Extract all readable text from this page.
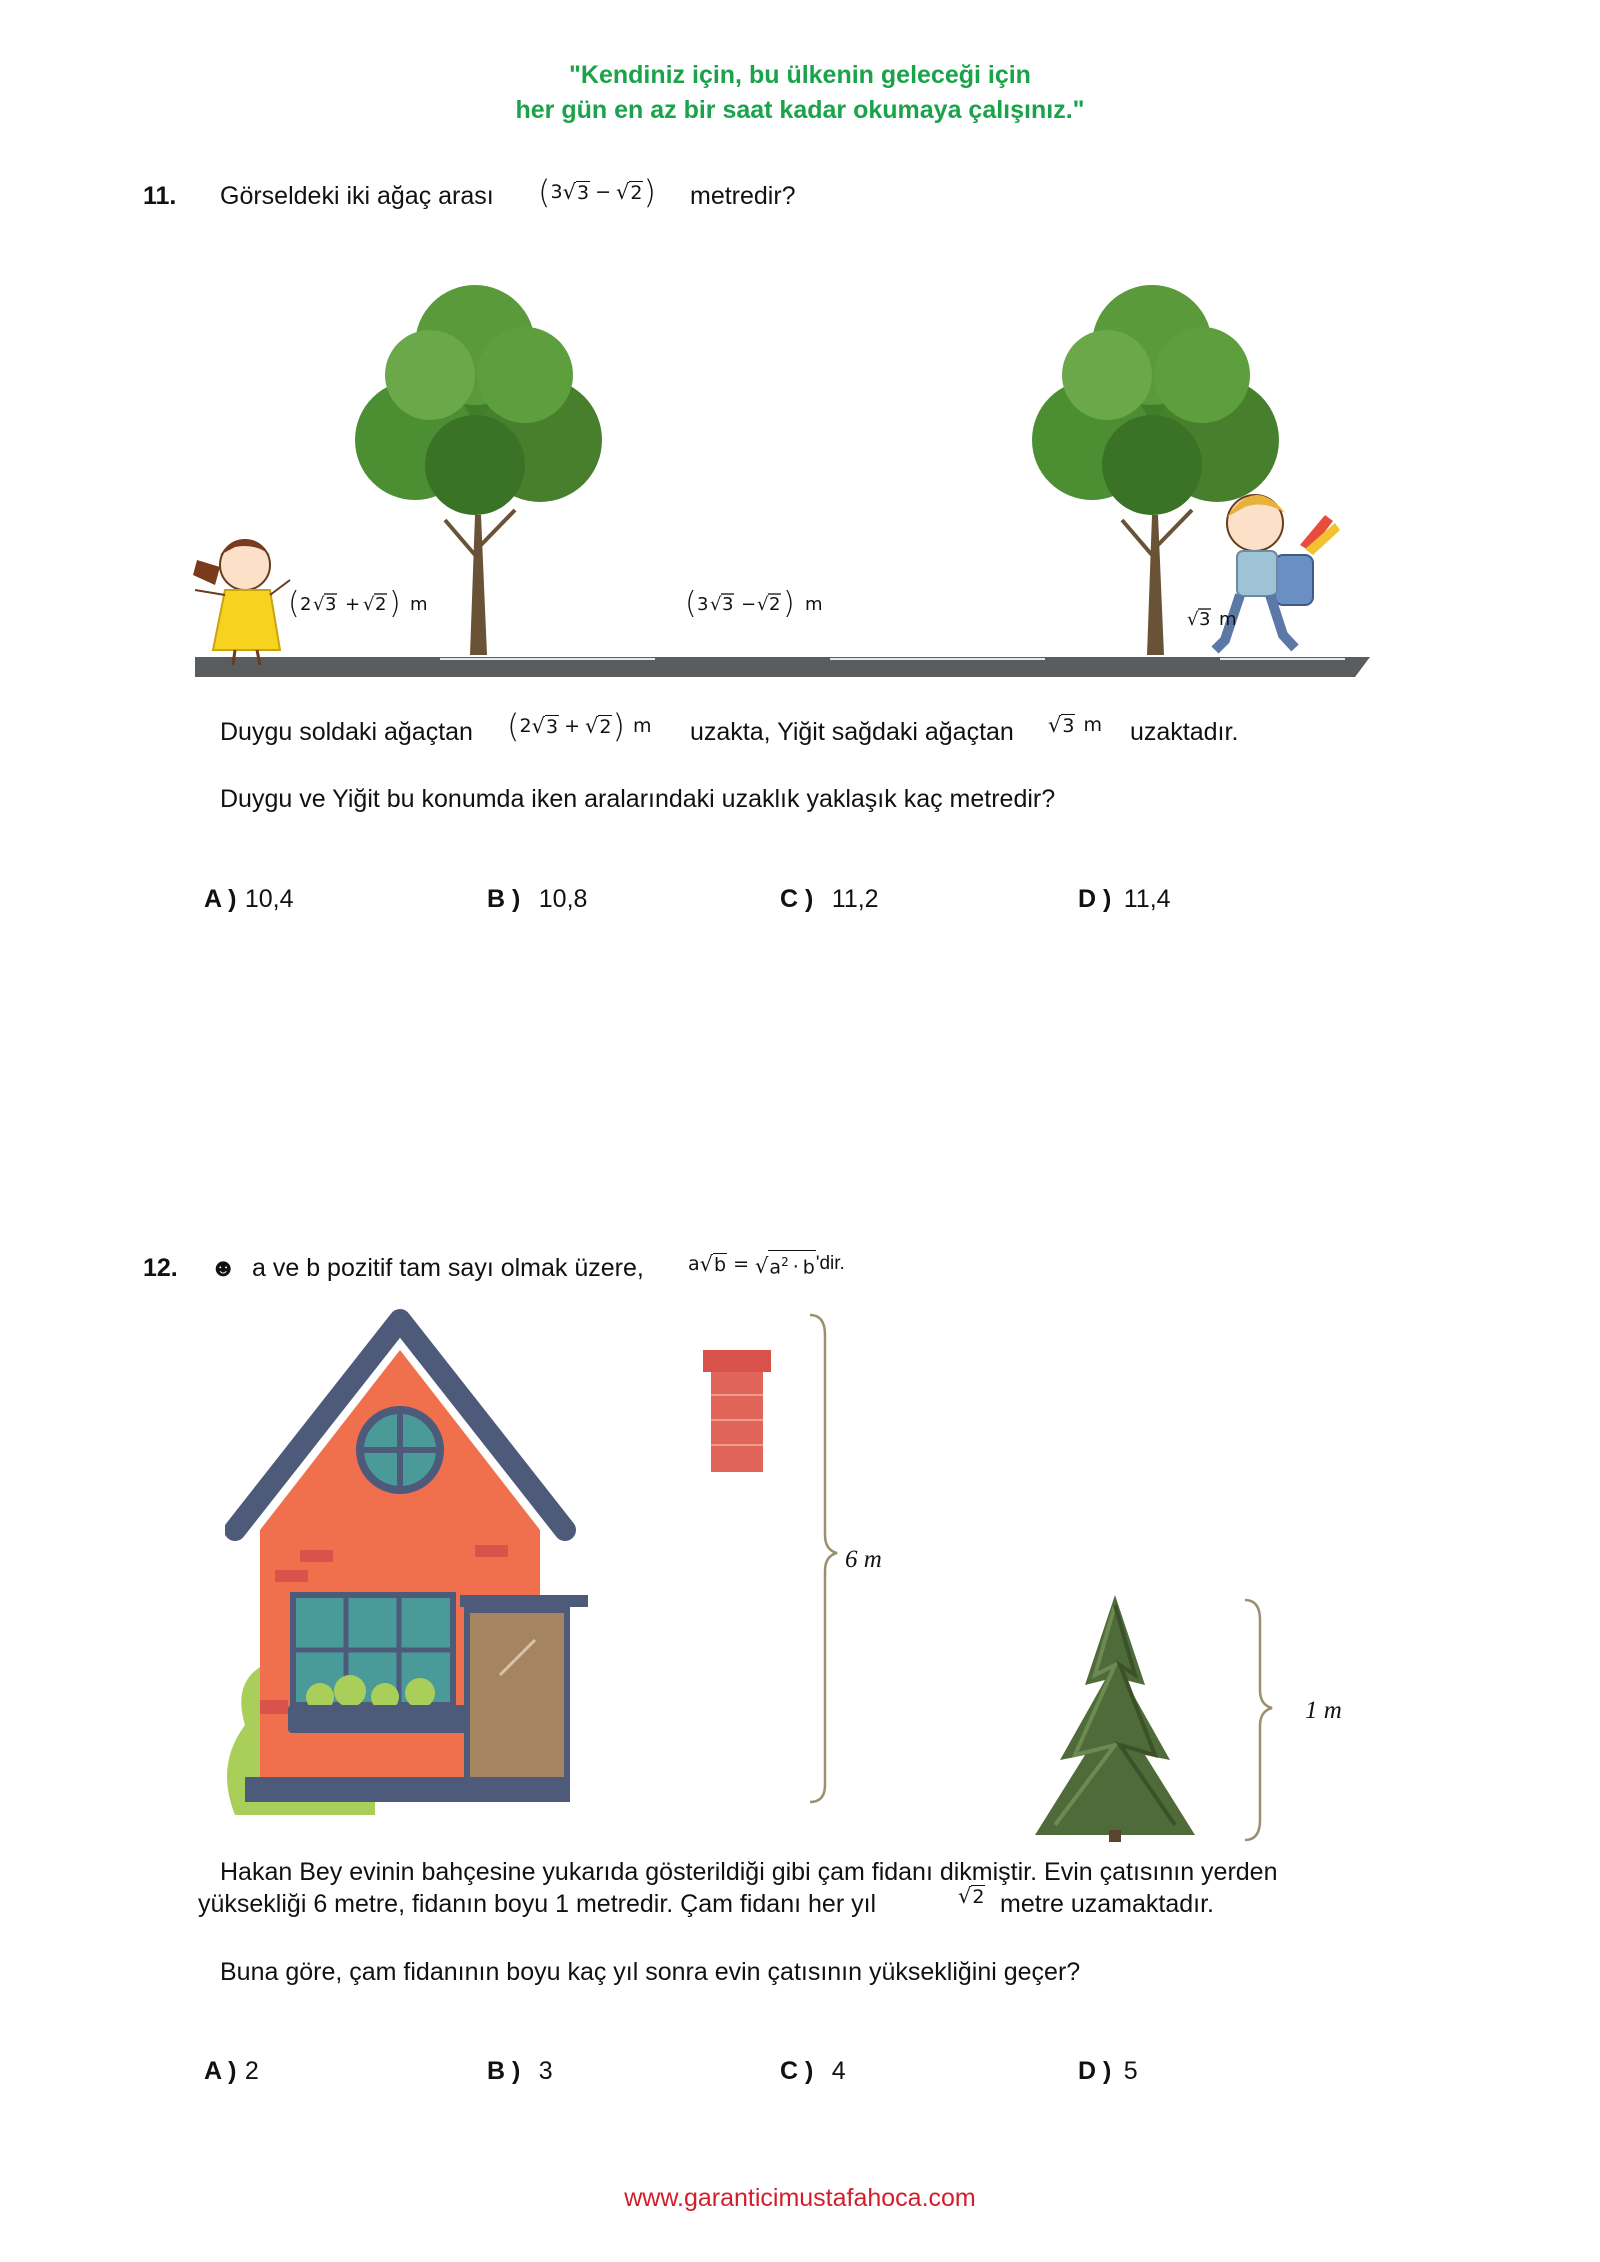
"Kendiniz için, bu ülkenin geleceği için
her gün en az bir saat kadar okumaya çalışınız."
11. Görseldeki iki ağaç arası ( 3 √ 3 − √ 2 ) metredir?
( 2 √ 3 + √ 2 ) m	( 3 √ 3 − √ 2 ) m
√ 3 m
Duygu soldaki ağaçtan ( 2 √ 3 + √ 2 ) m uzakta, Yiğit sağdaki ağaçtan √ 3 m uzaktadır.
Duygu ve Yiğit bu konumda iken aralarındaki uzaklık yaklaşık kaç metredir?
A ) 10,4	B ) 10,8	C ) 11,2	D ) 11,4
12. ☻ a ve b pozitif tam sayı olmak üzere, a √ b = √ $a^2 \cdot b$ 'dir.
6 m
1 m
Hakan Bey evinin bahçesine yukarıda gösterildiği gibi çam fidanı dikmiştir. Evin çatısının yerden
yüksekliği 6 metre, fidanın boyu 1 metredir. Çam fidanı her yıl	√ 2 metre uzamaktadır.
Buna göre, çam fidanının boyu kaç yıl sonra evin çatısının yüksekliğini geçer?
A ) 2	B ) 3	C ) 4	D ) 5
www.garanticimustafahoca.com
